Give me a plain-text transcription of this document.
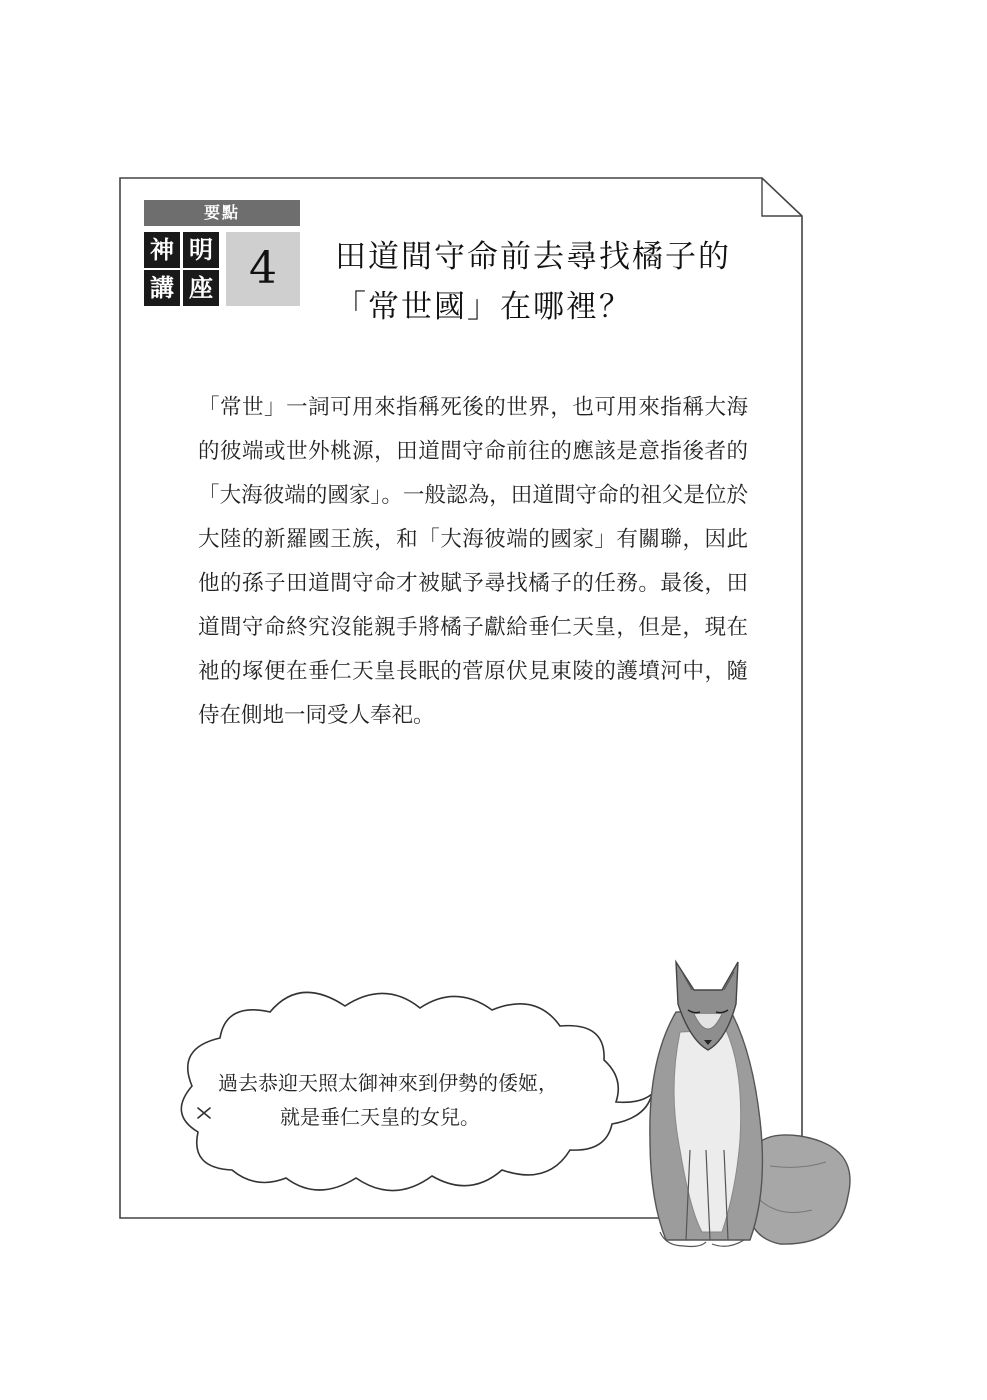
要點
神 明
講 座 4	田道間守命前去尋找橘子的
「常世國」在哪裡？

「常世」一詞可用來指稱死後的世界，也可用來指稱大海的彼端或世外桃源，田道間守命前往的應該是意指後者的「大海彼端的國家」。一般認為，田道間守命的祖父是位於大陸的新羅國王族，和「大海彼端的國家」有關聯，因此他的孫子田道間守命才被賦予尋找橘子的任務。最後，田道間守命終究沒能親手將橘子獻給垂仁天皇，但是，現在祂的塚便在垂仁天皇長眠的菅原伏見東陵的護墳河中，隨侍在側地一同受人奉祀。

過去恭迎天照太御神來到伊勢的倭姬，
就是垂仁天皇的女兒。
